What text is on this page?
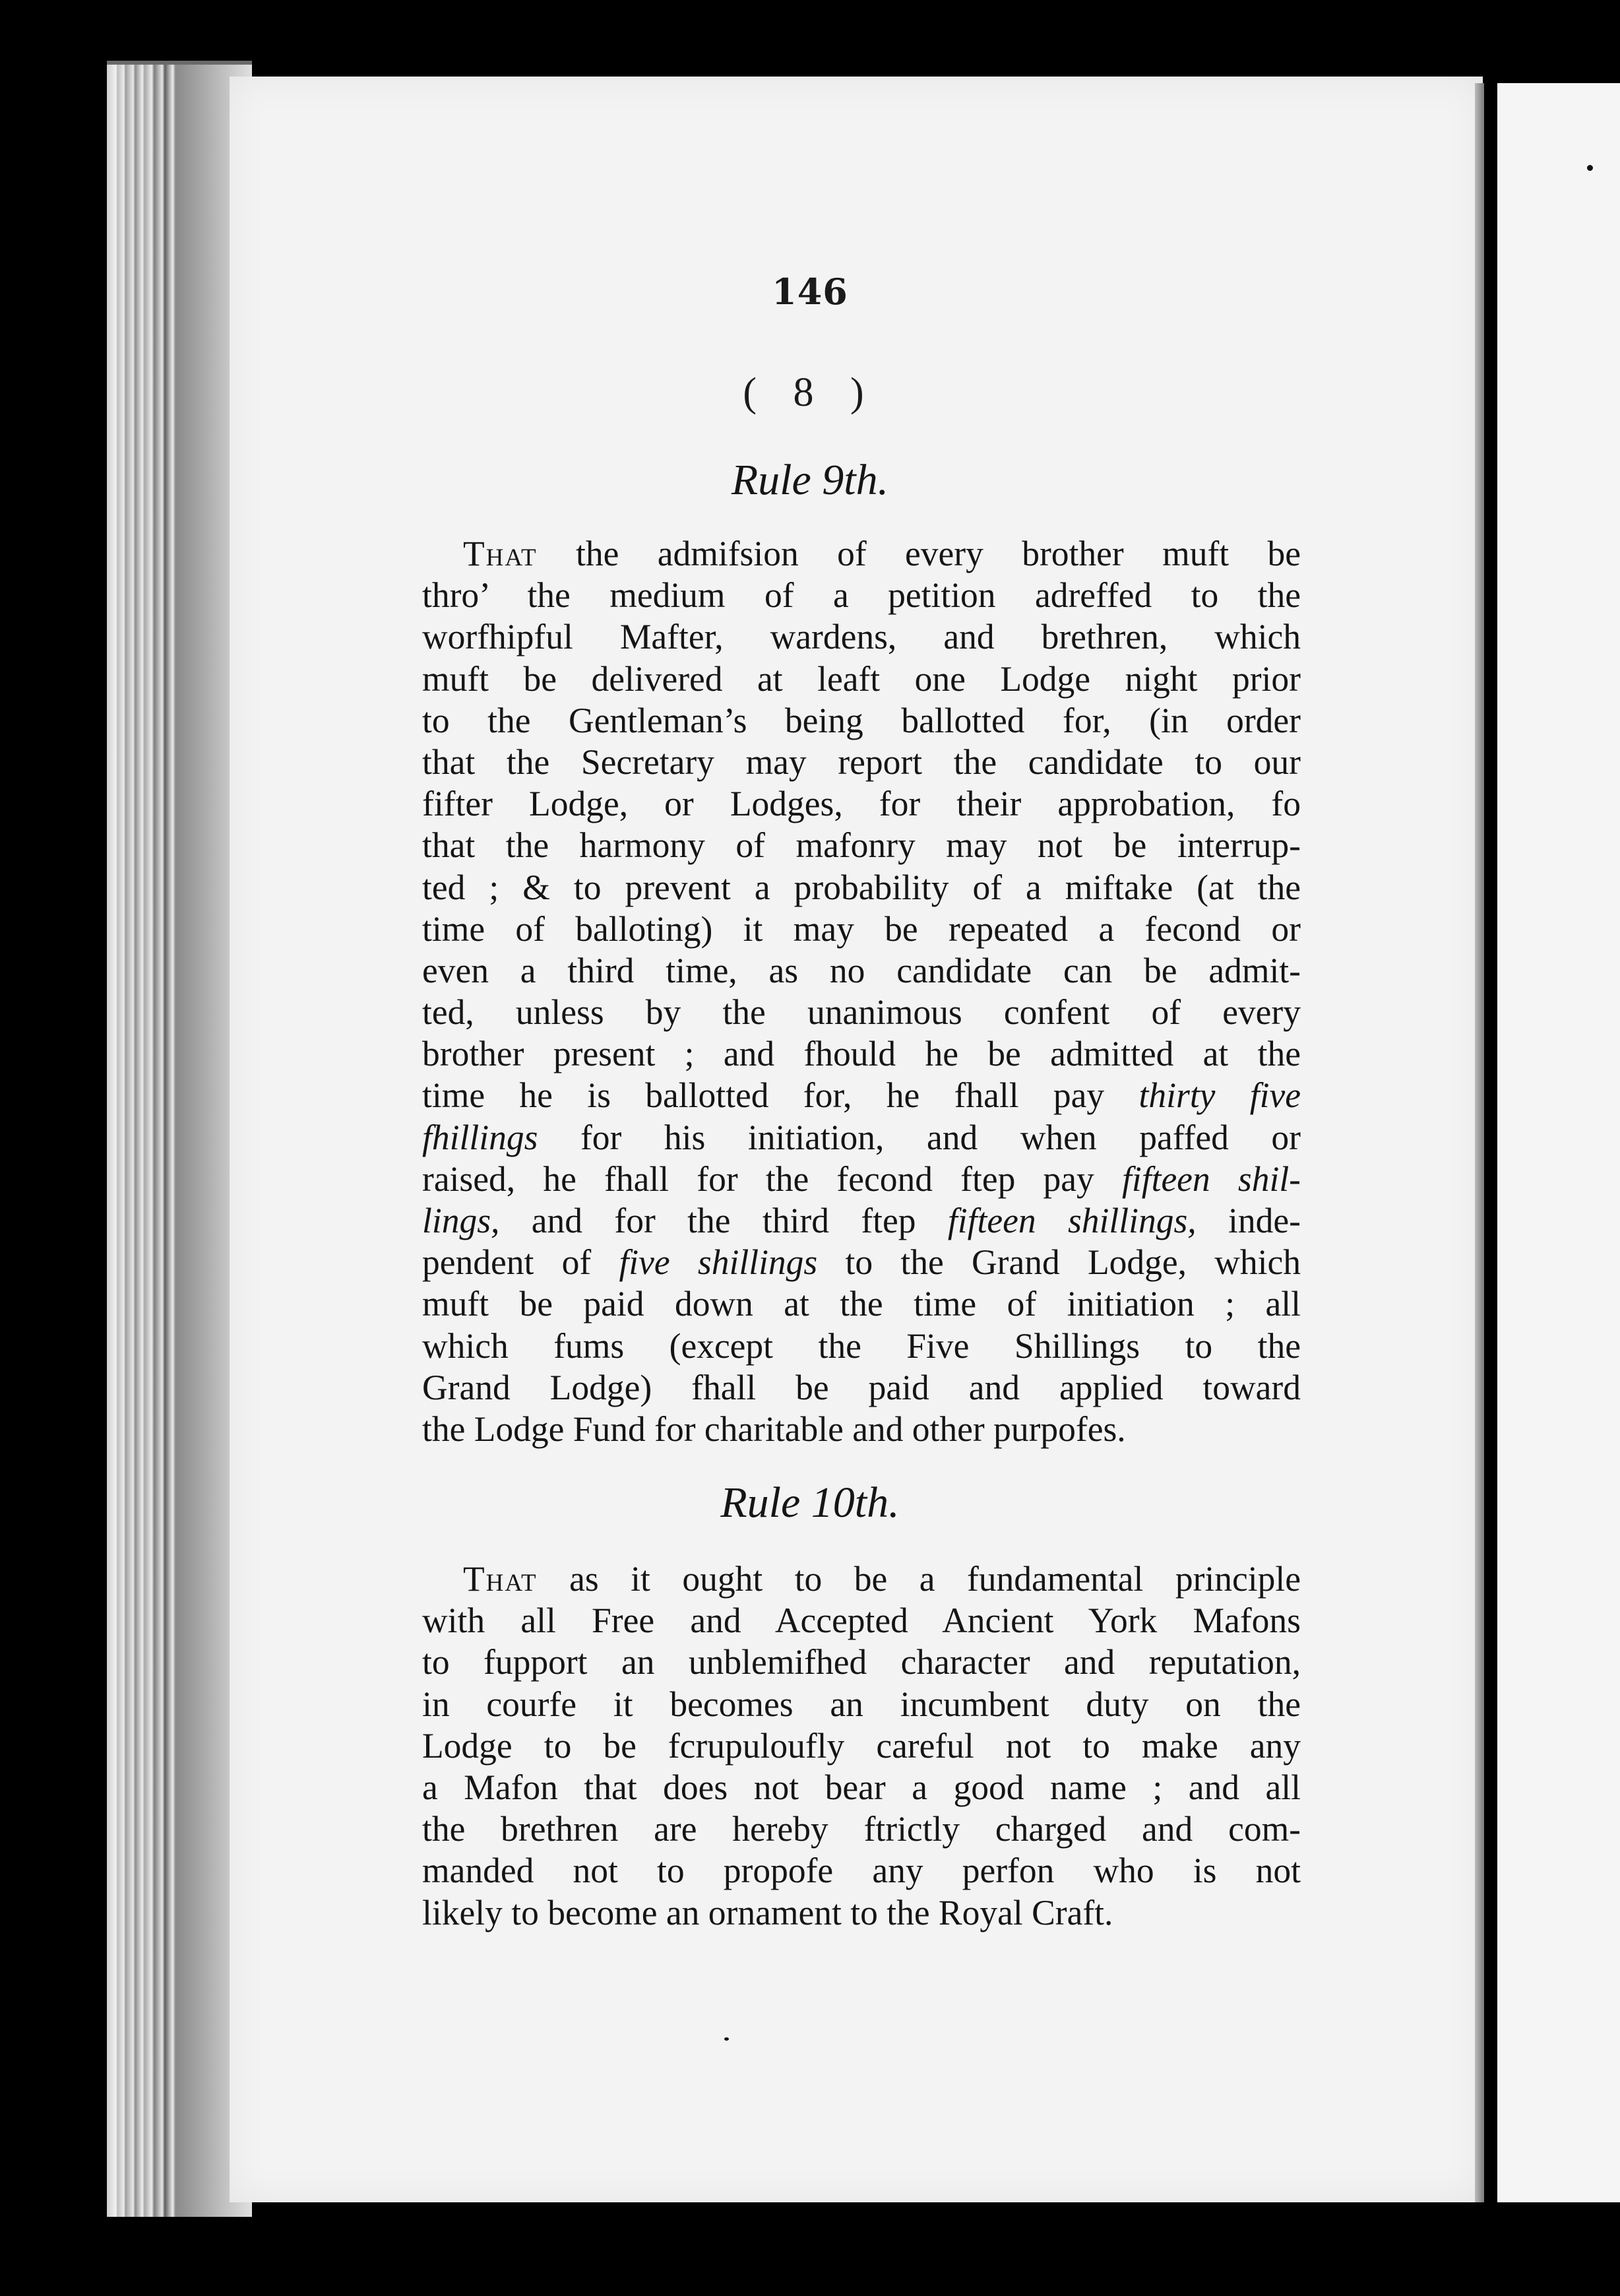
146
( 8 )
Rule 9th.
That the admifsion of every brother muft be
thro’ the medium of a petition adreffed to the
worfhipful Mafter, wardens, and brethren, which
muft be delivered at leaft one Lodge night prior
to the Gentleman’s being ballotted for, (in order
that the Secretary may report the candidate to our
fifter Lodge, or Lodges, for their approbation, fo
that the harmony of mafonry may not be interrup-
ted ; & to prevent a probability of a miftake (at the
time of balloting) it may be repeated a fecond or
even a third time, as no candidate can be admit-
ted, unless by the unanimous confent of every
brother present ; and fhould he be admitted at the
time he is ballotted for, he fhall pay thirty five
fhillings for his initiation, and when paffed or
raised, he fhall for the fecond ftep pay fifteen shil-
lings, and for the third ftep fifteen shillings, inde-
pendent of five shillings to the Grand Lodge, which
muft be paid down at the time of initiation ; all
which fums (except the Five Shillings to the
Grand Lodge) fhall be paid and applied toward
the Lodge Fund for charitable and other purpofes.
Rule 10th.
That as it ought to be a fundamental principle
with all Free and Accepted Ancient York Mafons
to fupport an unblemifhed character and reputation,
in courfe it becomes an incumbent duty on the
Lodge to be fcrupuloufly careful not to make any
a Mafon that does not bear a good name ; and all
the brethren are hereby ftrictly charged and com-
manded not to propofe any perfon who is not
likely to become an ornament to the Royal Craft.
